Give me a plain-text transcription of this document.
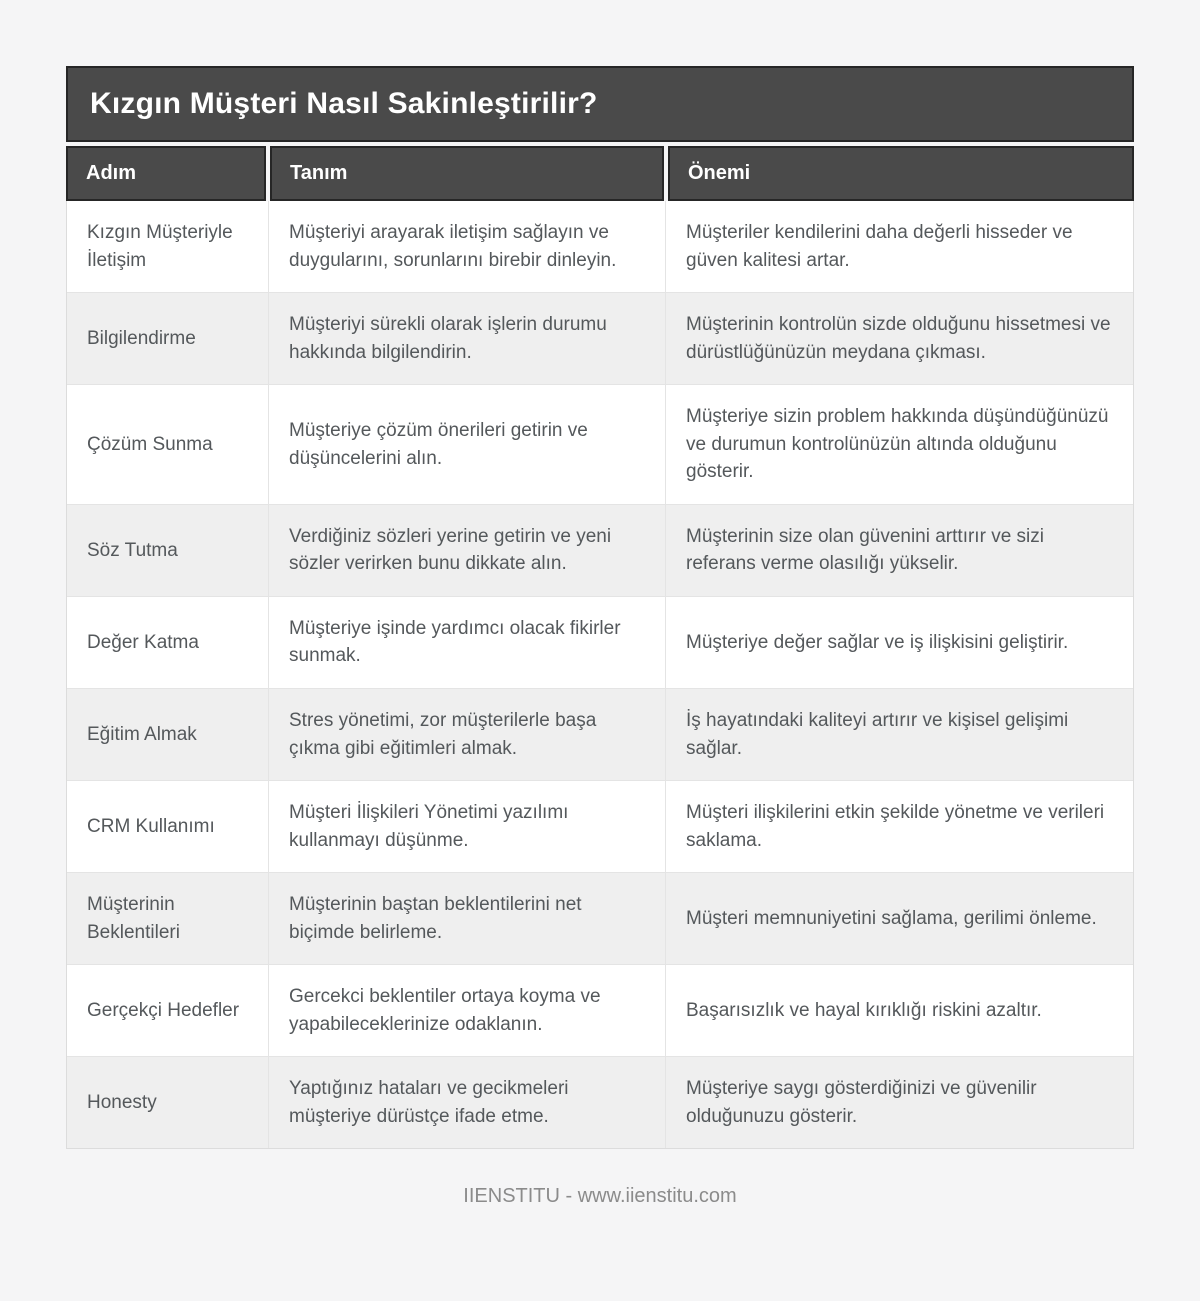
Kızgın Müşteri Nasıl Sakinleştirilir?
Adım	Tanım	Önemi
Kızgın Müşteriyle İletişim
Müşteriyi arayarak iletişim sağlayın ve duygularını, sorunlarını birebir dinleyin.
Müşteriler kendilerini daha değerli hisseder ve güven kalitesi artar.
Bilgilendirme
Müşteriyi sürekli olarak işlerin durumu hakkında bilgilendirin.
Müşterinin kontrolün sizde olduğunu hissetmesi ve dürüstlüğünüzün meydana çıkması.
Çözüm Sunma
Müşteriye çözüm önerileri getirin ve düşüncelerini alın.
Müşteriye sizin problem hakkında düşündüğünüzü ve durumun kontrolünüzün altında olduğunu gösterir.
Söz Tutma
Verdiğiniz sözleri yerine getirin ve yeni sözler verirken bunu dikkate alın.
Müşterinin size olan güvenini arttırır ve sizi referans verme olasılığı yükselir.
Değer Katma
Müşteriye işinde yardımcı olacak fikirler sunmak.
Müşteriye değer sağlar ve iş ilişkisini geliştirir.
Eğitim Almak
Stres yönetimi, zor müşterilerle başa çıkma gibi eğitimleri almak.
İş hayatındaki kaliteyi artırır ve kişisel gelişimi sağlar.
CRM Kullanımı
Müşteri İlişkileri Yönetimi yazılımı kullanmayı düşünme.
Müşteri ilişkilerini etkin şekilde yönetme ve verileri saklama.
Müşterinin Beklentileri
Müşterinin baştan beklentilerini net biçimde belirleme.
Müşteri memnuniyetini sağlama, gerilimi önleme.
Gerçekçi Hedefler
Gercekci beklentiler ortaya koyma ve yapabileceklerinize odaklanın.
Başarısızlık ve hayal kırıklığı riskini azaltır.
Honesty
Yaptığınız hataları ve gecikmeleri müşteriye dürüstçe ifade etme.
Müşteriye saygı gösterdiğinizi ve güvenilir olduğunuzu gösterir.
IIENSTITU - www.iienstitu.com
